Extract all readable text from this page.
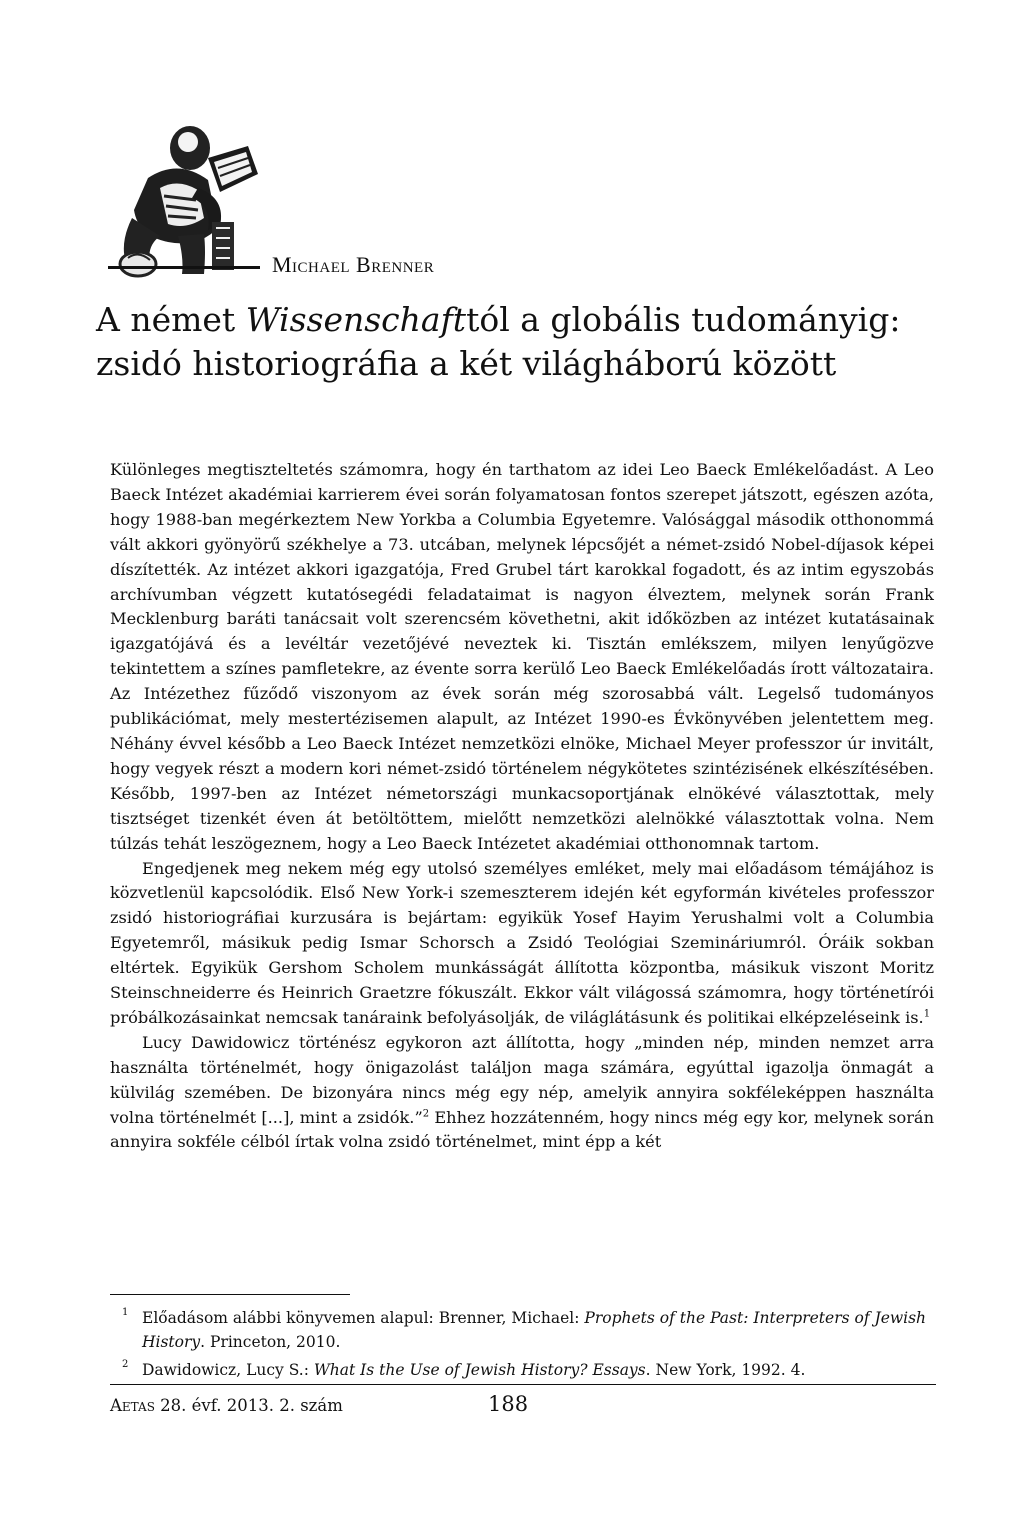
Michael Brenner
A német Wissenschafttól a globális tudományig:
zsidó historiográfia a két világháború között

Különleges megtiszteltetés számomra, hogy én tarthatom az idei Leo Baeck Emlékelőadást. A Leo Baeck Intézet akadémiai karrierem évei során folyamatosan fontos szerepet játszott, egészen azóta, hogy 1988-ban megérkeztem New Yorkba a Columbia Egyetemre. Valósággal második otthonommá vált akkori gyönyörű székhelye a 73. utcában, melynek lépcsőjét a német-zsidó Nobel-díjasok képei díszítették. Az intézet akkori igazgatója, Fred Grubel tárt karokkal fogadott, és az intim egyszobás archívumban végzett kutatósegédi feladataimat is nagyon élveztem, melynek során Frank Mecklenburg baráti tanácsait volt szerencsém követhetni, akit időközben az intézet kutatásainak igazgatójává és a levéltár vezetőjévé neveztek ki. Tisztán emlékszem, milyen lenyűgözve tekintettem a színes pamfletekre, az évente sorra kerülő Leo Baeck Emlékelőadás írott változataira. Az Intézethez fűződő viszonyom az évek során még szorosabbá vált. Legelső tudományos publikációmat, mely mestertézisemen alapult, az Intézet 1990-es Évkönyvében jelentettem meg. Néhány évvel később a Leo Baeck Intézet nemzetközi elnöke, Michael Meyer professzor úr invitált, hogy vegyek részt a modern kori német-zsidó történelem négykötetes szintézisének elkészítésében. Később, 1997-ben az Intézet németországi munkacsoportjának elnökévé választottak, mely tisztséget tizenkét éven át betöltöttem, mielőtt nemzetközi alelnökké választottak volna. Nem túlzás tehát leszögeznem, hogy a Leo Baeck Intézetet akadémiai otthonomnak tartom.

Engedjenek meg nekem még egy utolsó személyes emléket, mely mai előadásom témájához is közvetlenül kapcsolódik. Első New York-i szemeszterem idején két egyformán kivételes professzor zsidó historiográfiai kurzusára is bejártam: egyikük Yosef Hayim Yerushalmi volt a Columbia Egyetemről, másikuk pedig Ismar Schorsch a Zsidó Teológiai Szemináriumról. Óráik sokban eltértek. Egyikük Gershom Scholem munkásságát állította központba, másikuk viszont Moritz Steinschneiderre és Heinrich Graetzre fókuszált. Ekkor vált világossá számomra, hogy történetírói próbálkozásainkat nemcsak tanáraink befolyásolják, de világlátásunk és politikai elképzeléseink is.$^1$

Lucy Dawidowicz történész egykoron azt állította, hogy „minden nép, minden nemzet arra használta történelmét, hogy önigazolást találjon maga számára, egyúttal igazolja önmagát a külvilág szemében. De bizonyára nincs még egy nép, amelyik annyira sokféleképpen használta volna történelmét [...], mint a zsidók.”$^2$ Ehhez hozzátenném, hogy nincs még egy kor, melynek során annyira sokféle célból írtak volna zsidó történelmet, mint épp a két

1 Előadásom alábbi könyvemen alapul: Brenner, Michael: Prophets of the Past: Interpreters of Jewish History. Princeton, 2010.
2 Dawidowicz, Lucy S.: What Is the Use of Jewish History? Essays. New York, 1992. 4.
Aetas 28. évf. 2013. 2. szám	188
